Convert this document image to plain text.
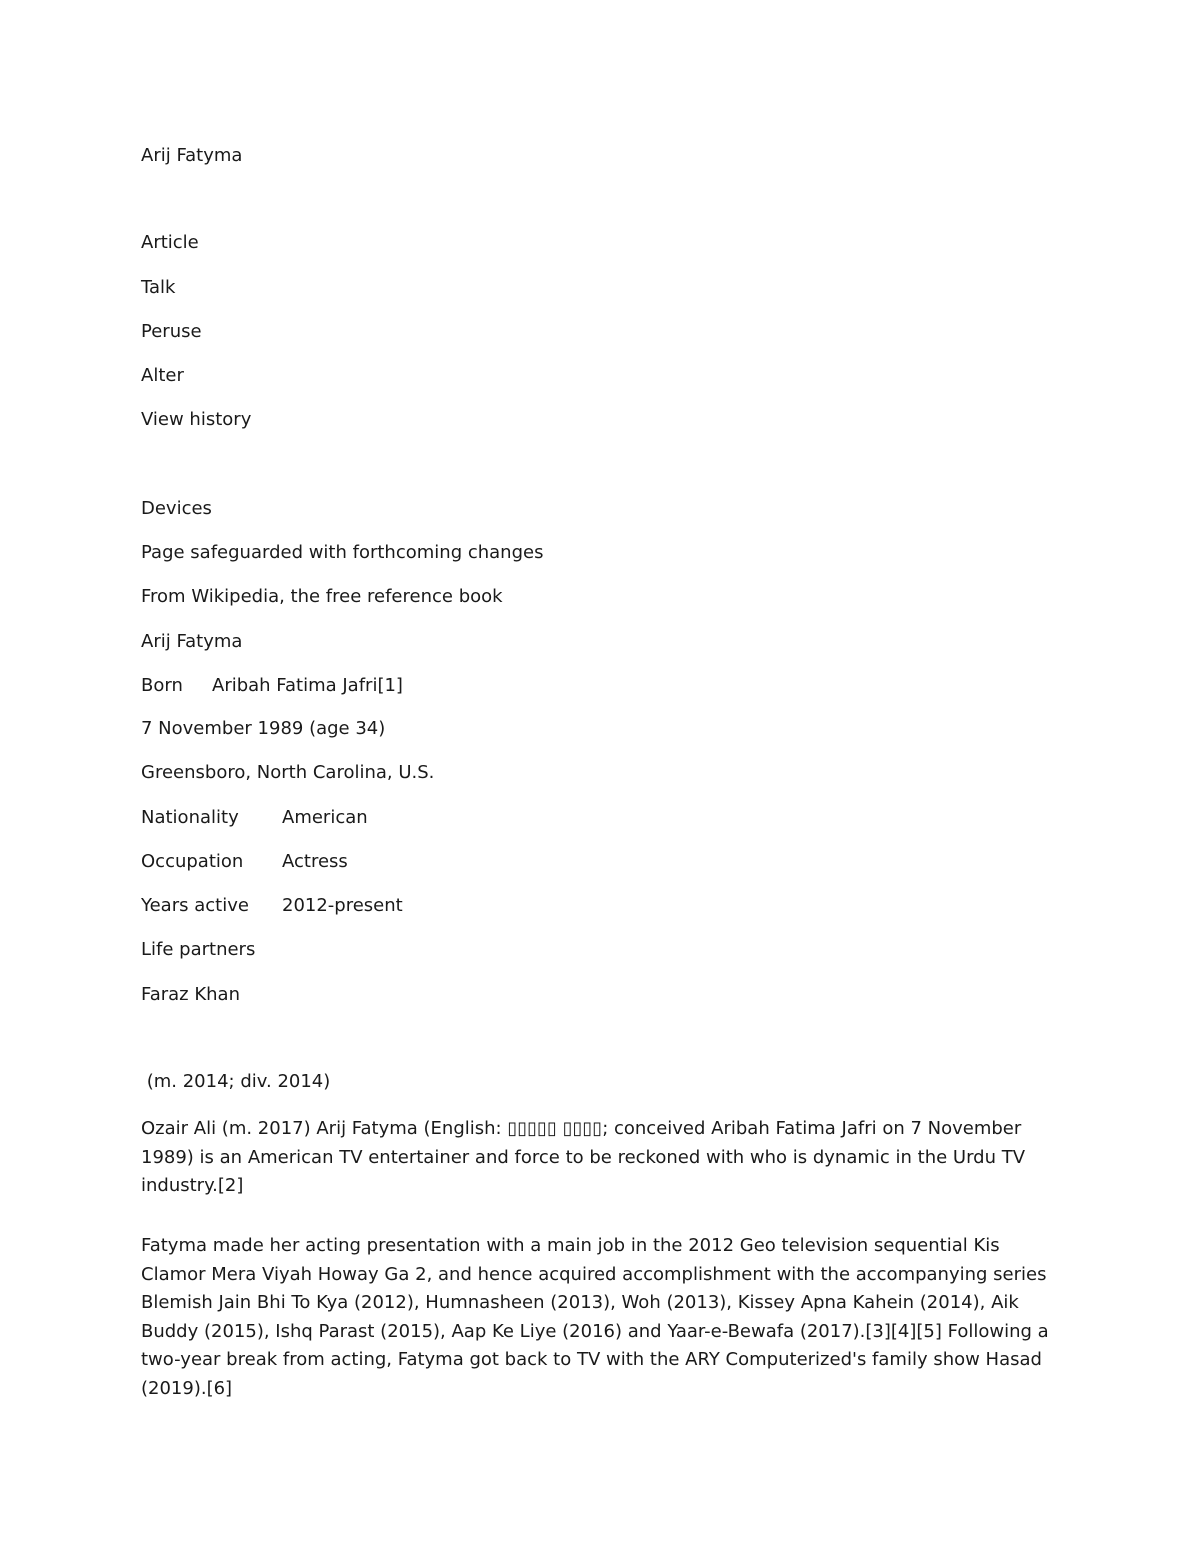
Arij Fatyma
Article
Talk
Peruse
Alter
View history
Devices
Page safeguarded with forthcoming changes
From Wikipedia, the free reference book
Arij Fatyma
Born Aribah Fatima Jafri[1]
7 November 1989 (age 34)
Greensboro, North Carolina, U.S.
Nationality American
Occupation Actress
Years active 2012-present
Life partners
Faraz Khan
(m. 2014; div. 2014)
Ozair Ali (m. 2017) Arij Fatyma (English: ▯▯▯▯▯ ▯▯▯▯; conceived Aribah Fatima Jafri on 7 November 1989) is an American TV entertainer and force to be reckoned with who is dynamic in the Urdu TV industry.[2]
Fatyma made her acting presentation with a main job in the 2012 Geo television sequential Kis Clamor Mera Viyah Howay Ga 2, and hence acquired accomplishment with the accompanying series Blemish Jain Bhi To Kya (2012), Humnasheen (2013), Woh (2013), Kissey Apna Kahein (2014), Aik Buddy (2015), Ishq Parast (2015), Aap Ke Liye (2016) and Yaar-e-Bewafa (2017).[3][4][5] Following a two-year break from acting, Fatyma got back to TV with the ARY Computerized's family show Hasad (2019).[6]
